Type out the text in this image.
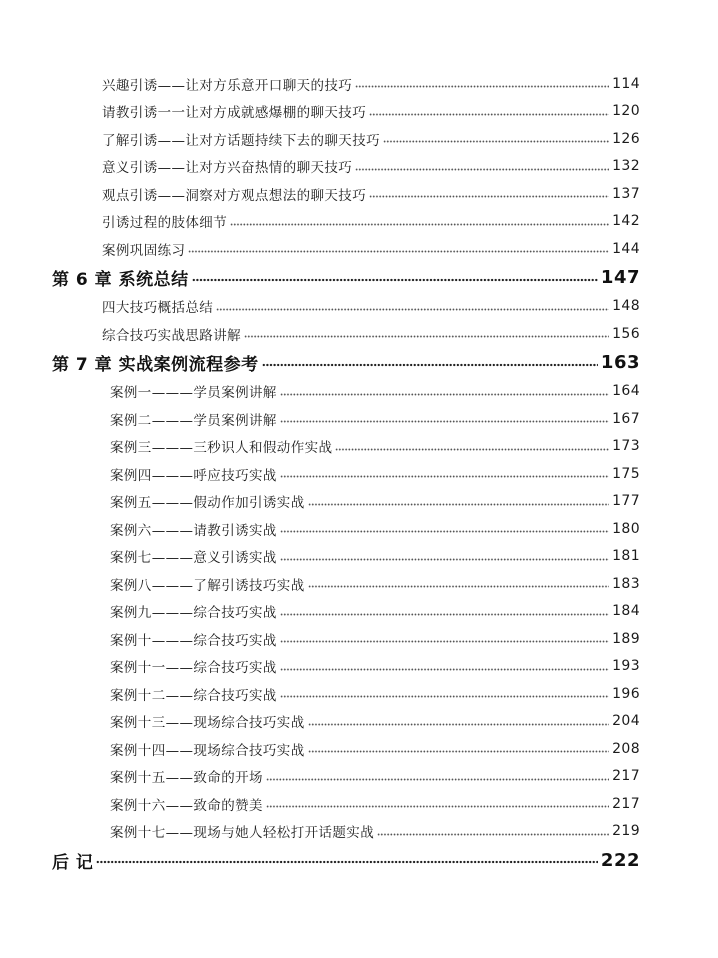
兴趣引诱——让对方乐意开口聊天的技巧	114
请教引诱一一让对方成就感爆棚的聊天技巧	120
了解引诱——让对方话题持续下去的聊天技巧	126
意义引诱——让对方兴奋热情的聊天技巧	132
观点引诱——洞察对方观点想法的聊天技巧	137
引诱过程的肢体细节	142
案例巩固练习	144
第 6 章 系统总结	147
四大技巧概括总结	148
综合技巧实战思路讲解	156
第 7 章 实战案例流程参考	163
案例一———学员案例讲解	164
案例二———学员案例讲解	167
案例三———三秒识人和假动作实战	173
案例四———呼应技巧实战	175
案例五———假动作加引诱实战	177
案例六———请教引诱实战	180
案例七———意义引诱实战	181
案例八———了解引诱技巧实战	183
案例九———综合技巧实战	184
案例十———综合技巧实战	189
案例十一——综合技巧实战	193
案例十二——综合技巧实战	196
案例十三——现场综合技巧实战	204
案例十四——现场综合技巧实战	208
案例十五——致命的开场	217
案例十六——致命的赞美	217
案例十七——现场与她人轻松打开话题实战	219
后 记	222
